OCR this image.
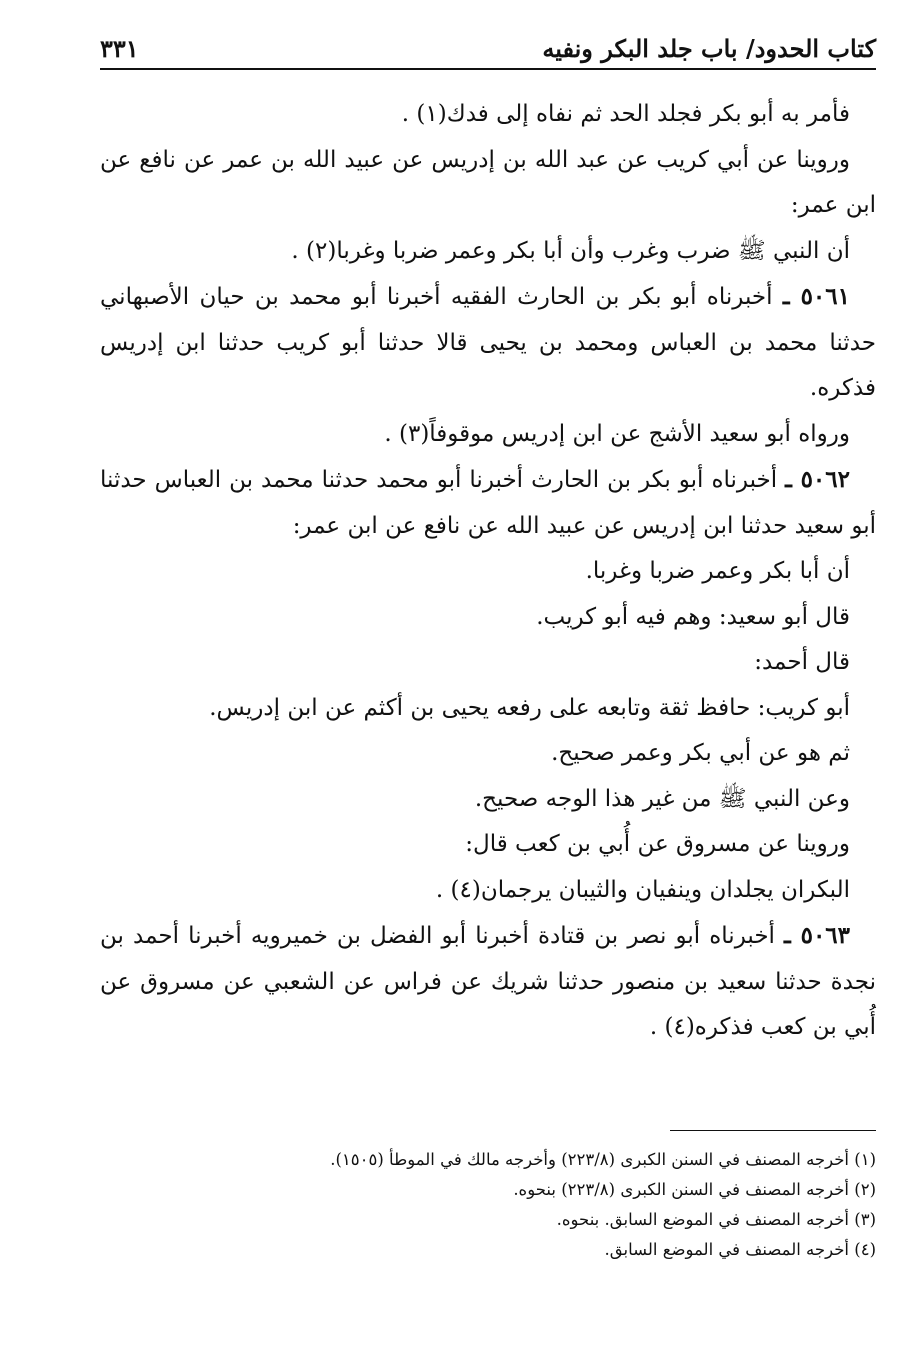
كتاب الحدود/ باب جلد البكر ونفيه
٣٣١

فأمر به أبو بكر فجلد الحد ثم نفاه إلى فدك(١) .

وروينا عن أبي كريب عن عبد الله بن إدريس عن عبيد الله بن عمر عن نافع عن ابن عمر:

أن النبي ﷺ ضرب وغرب وأن أبا بكر وعمر ضربا وغربا(٢) .

٥٠٦١ ـ أخبرناه أبو بكر بن الحارث الفقيه أخبرنا أبو محمد بن حيان الأصبهاني حدثنا محمد بن العباس ومحمد بن يحيى قالا حدثنا أبو كريب حدثنا ابن إدريس فذكره.

ورواه أبو سعيد الأشج عن ابن إدريس موقوفاً(٣) .

٥٠٦٢ ـ أخبرناه أبو بكر بن الحارث أخبرنا أبو محمد حدثنا محمد بن العباس حدثنا أبو سعيد حدثنا ابن إدريس عن عبيد الله عن نافع عن ابن عمر:

أن أبا بكر وعمر ضربا وغربا.

قال أبو سعيد: وهم فيه أبو كريب.

قال أحمد:

أبو كريب: حافظ ثقة وتابعه على رفعه يحيى بن أكثم عن ابن إدريس.

ثم هو عن أبي بكر وعمر صحيح.

وعن النبي ﷺ من غير هذا الوجه صحيح.

وروينا عن مسروق عن أُبي بن كعب قال:

البكران يجلدان وينفيان والثيبان يرجمان(٤) .

٥٠٦٣ ـ أخبرناه أبو نصر بن قتادة أخبرنا أبو الفضل بن خميرويه أخبرنا أحمد بن نجدة حدثنا سعيد بن منصور حدثنا شريك عن فراس عن الشعبي عن مسروق عن أُبي بن كعب فذكره(٤) .

(١) أخرجه المصنف في السنن الكبرى (٢٢٣/٨) وأخرجه مالك في الموطأ (١٥٠٥).

(٢) أخرجه المصنف في السنن الكبرى (٢٢٣/٨) بنحوه.

(٣) أخرجه المصنف في الموضع السابق. بنحوه.

(٤) أخرجه المصنف في الموضع السابق.
